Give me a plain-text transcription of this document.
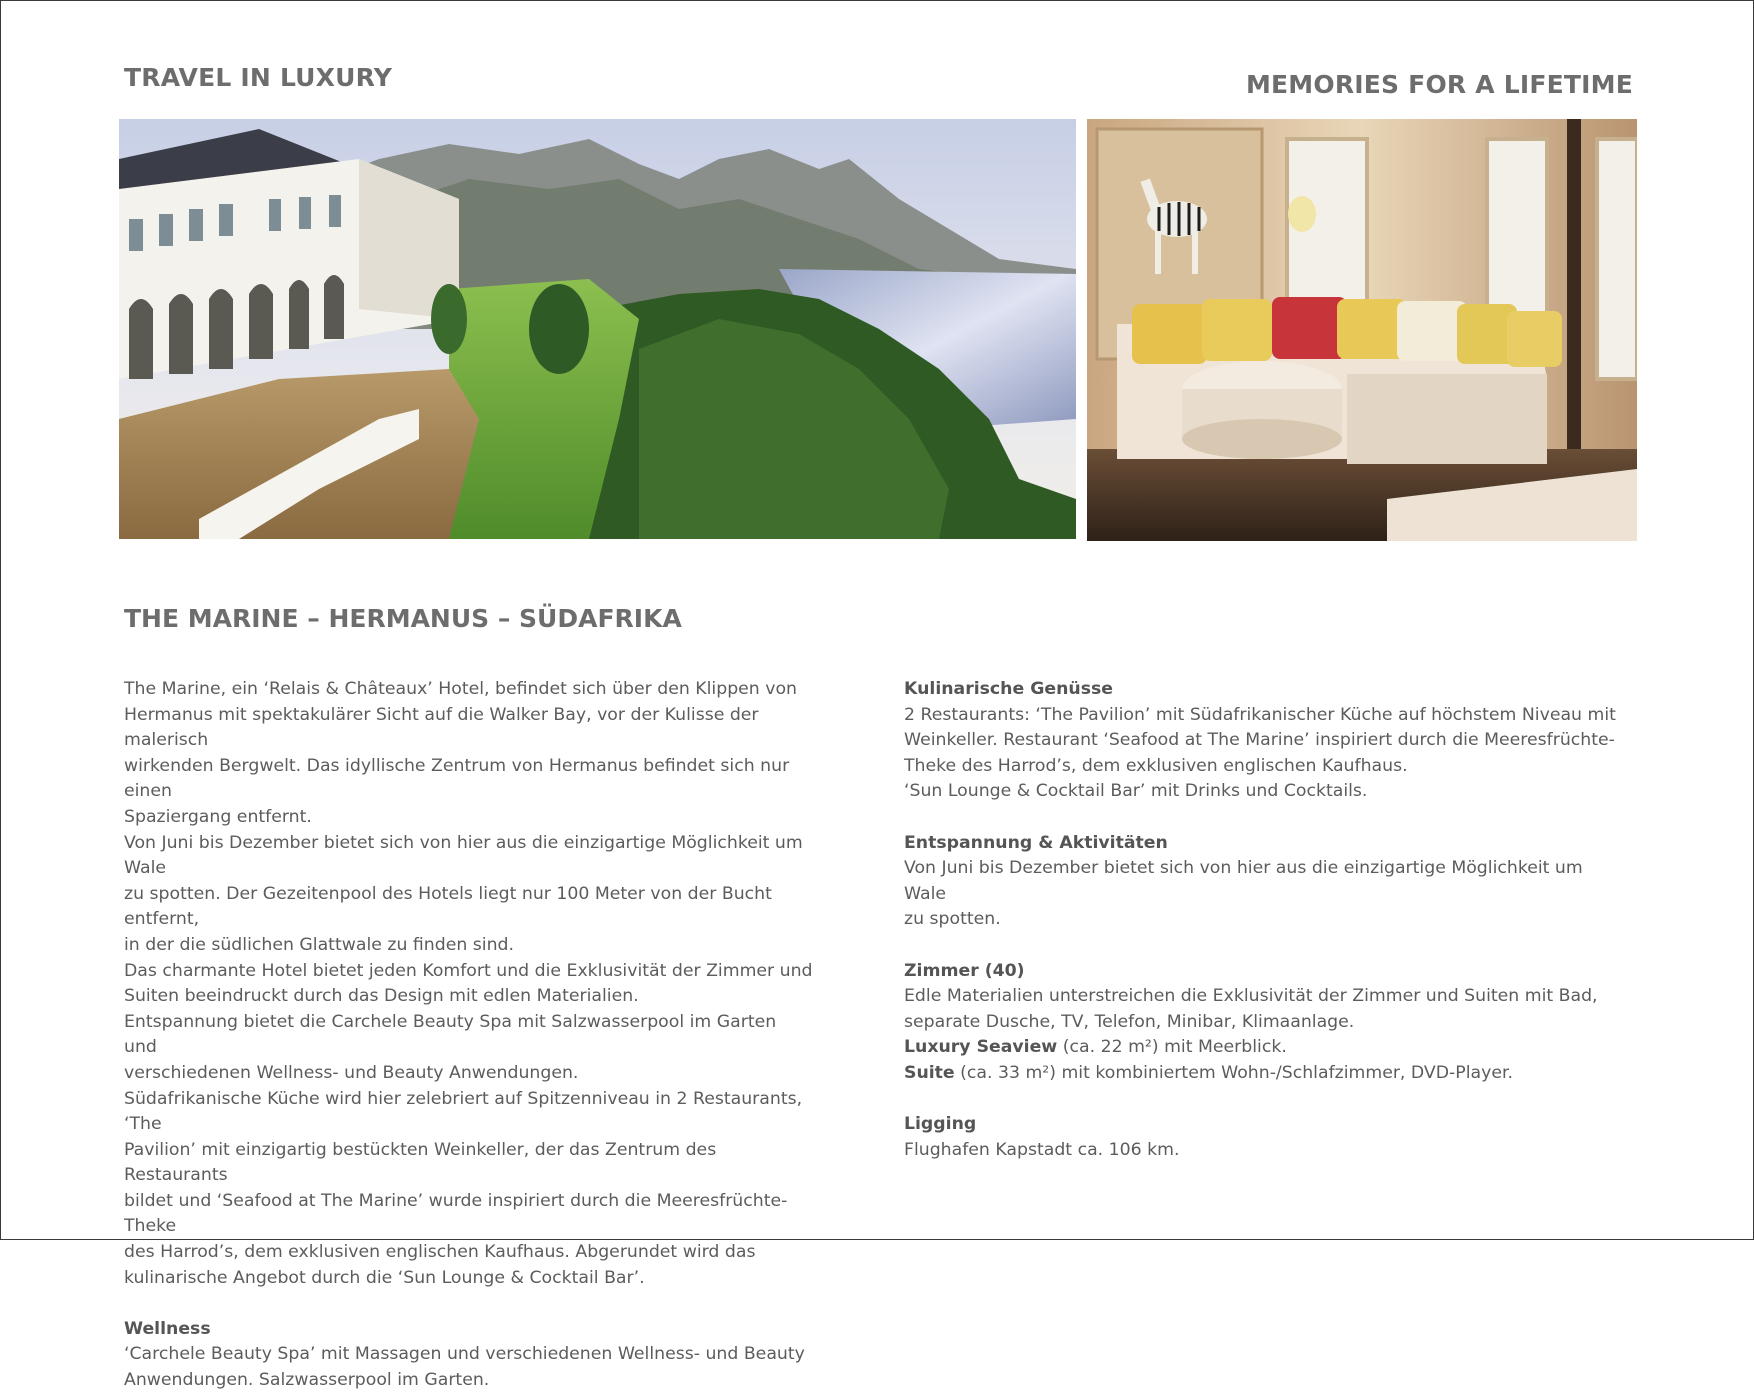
TRAVEL IN LUXURY	MEMORIES FOR A LIFETIME
THE MARINE – HERMANUS – SÜDAFRIKA

The Marine, ein ‘Relais & Châteaux’ Hotel, befindet sich über den Klippen von

Hermanus mit spektakulärer Sicht auf die Walker Bay, vor der Kulisse der malerisch

wirkenden Bergwelt. Das idyllische Zentrum von Hermanus befindet sich nur einen

Spaziergang entfernt.

Von Juni bis Dezember bietet sich von hier aus die einzigartige Möglichkeit um Wale

zu spotten. Der Gezeitenpool des Hotels liegt nur 100 Meter von der Bucht entfernt,

in der die südlichen Glattwale zu finden sind.

Das charmante Hotel bietet jeden Komfort und die Exklusivität der Zimmer und

Suiten beeindruckt durch das Design mit edlen Materialien.

Entspannung bietet die Carchele Beauty Spa mit Salzwasserpool im Garten und

verschiedenen Wellness- und Beauty Anwendungen.

Südafrikanische Küche wird hier zelebriert auf Spitzenniveau in 2 Restaurants, ‘The

Pavilion’ mit einzigartig bestückten Weinkeller, der das Zentrum des Restaurants

bildet und ‘Seafood at The Marine’ wurde inspiriert durch die Meeresfrüchte-Theke

des Harrod’s, dem exklusiven englischen Kaufhaus. Abgerundet wird das

kulinarische Angebot durch die ‘Sun Lounge & Cocktail Bar’.

Wellness

‘Carchele Beauty Spa’ mit Massagen und verschiedenen Wellness- und Beauty

Anwendungen. Salzwasserpool im Garten.

Kulinarische Genüsse

2 Restaurants: ‘The Pavilion’ mit Südafrikanischer Küche auf höchstem Niveau mit

Weinkeller. Restaurant ‘Seafood at The Marine’ inspiriert durch die Meeresfrüchte-

Theke des Harrod’s, dem exklusiven englischen Kaufhaus.

‘Sun Lounge & Cocktail Bar’ mit Drinks und Cocktails.

Entspannung & Aktivitäten

Von Juni bis Dezember bietet sich von hier aus die einzigartige Möglichkeit um Wale

zu spotten.

Zimmer (40)

Edle Materialien unterstreichen die Exklusivität der Zimmer und Suiten mit Bad,

separate Dusche, TV, Telefon, Minibar, Klimaanlage.

Luxury Seaview (ca. 22 m²) mit Meerblick.

Suite (ca. 33 m²) mit kombiniertem Wohn-/Schlafzimmer, DVD-Player.

Ligging

Flughafen Kapstadt ca. 106 km.
